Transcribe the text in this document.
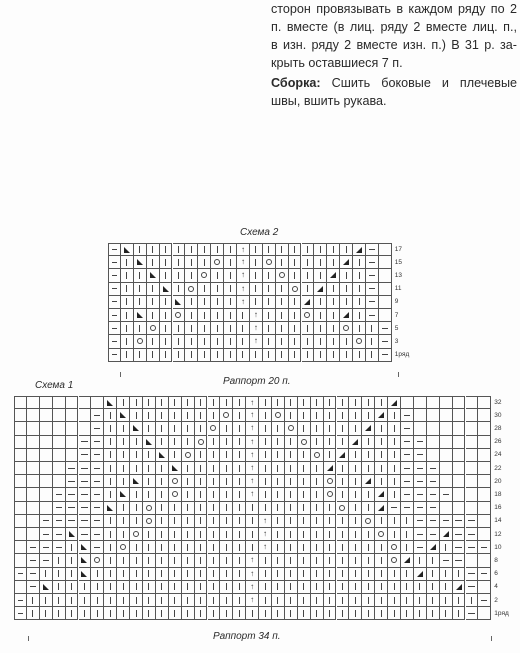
сторон провязывать в каждом ряду по 2
п. вместе (в лиц. ряду 2 вместе лиц. п.,
в изн. ряду 2 вместе изн. п.) В 31 р. за-
крыть оставшиеся 7 п.
Сборка: Сшить боковые и плечевые
швы, вшить рукава.
Схема 2
↑	17
↑	15
↑	13
↑	11
↑	9
↑	7
↑	5
↑	3
1ряд
Раппорт 20 п.
Схема 1
↑	32
↑	30
↑	28
↑	26
↑	24
↑	22
↑	20
↑	18
16
↑	14
↑	12
↑	10
↑	8
↑	6
↑	4
↑	2
1ряд
Раппорт 34 п.
